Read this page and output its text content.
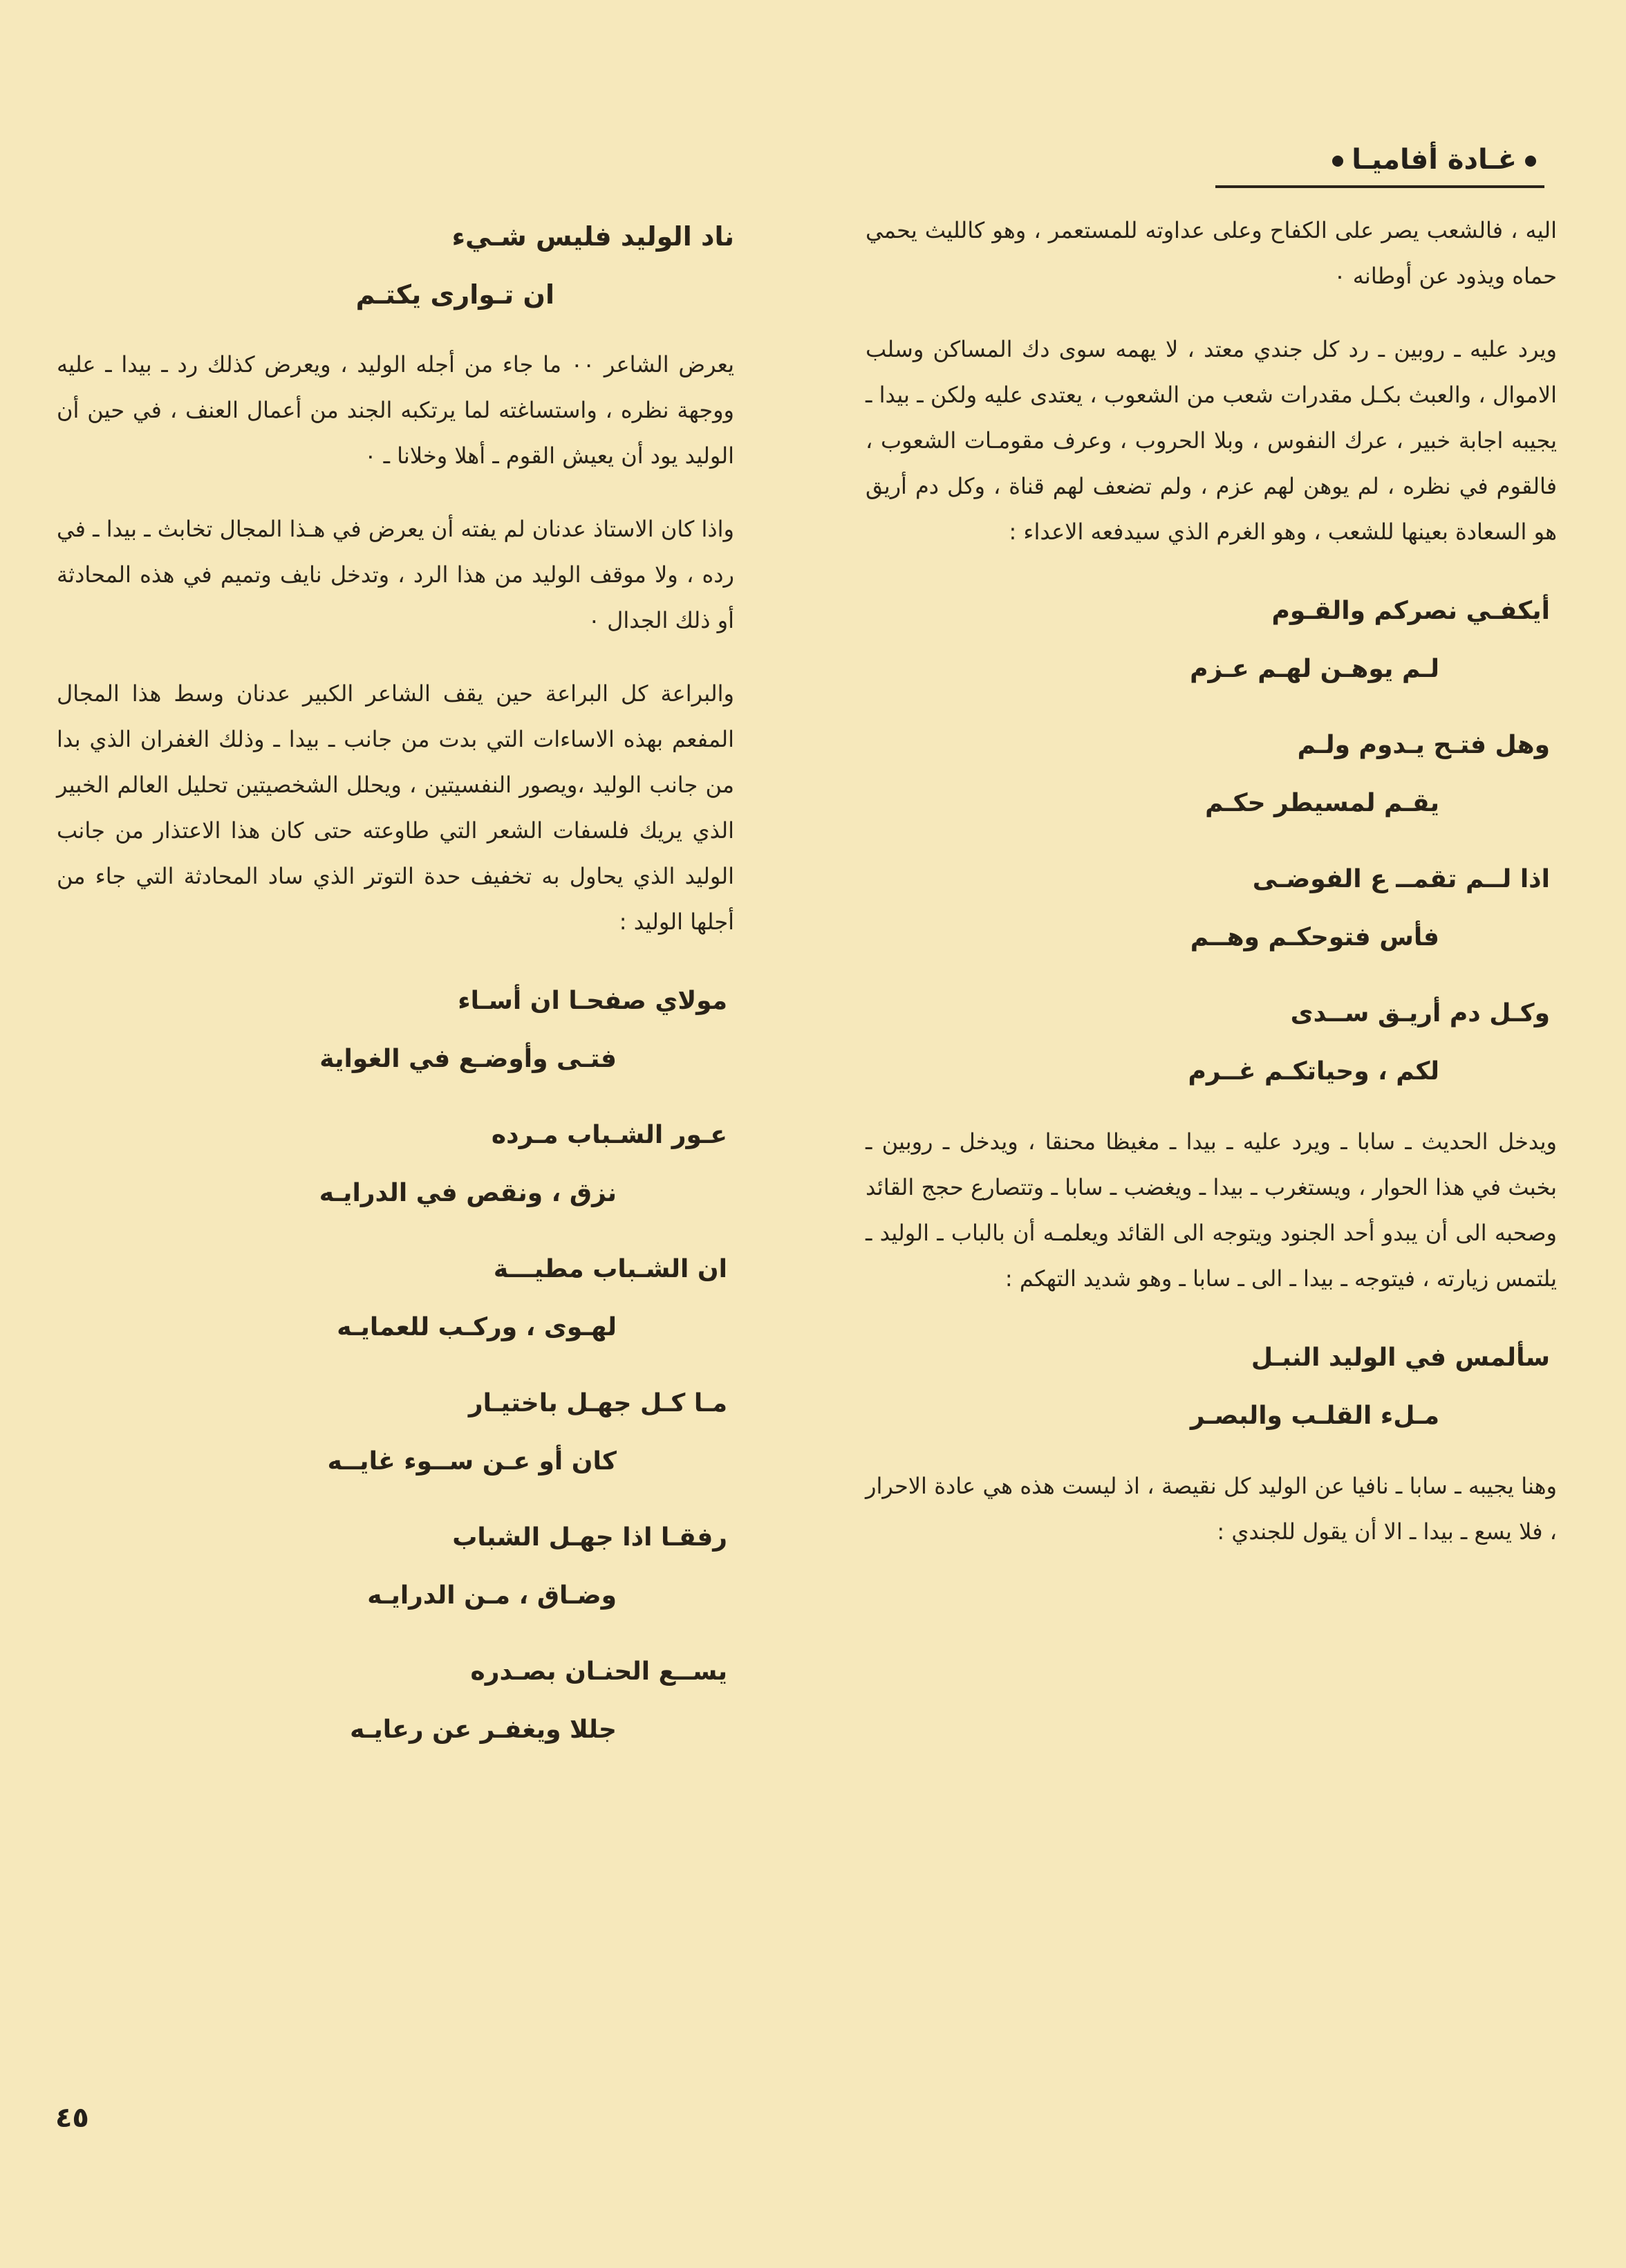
غـادة أفاميـا

اليه ، فالشعب يصر على الكفاح وعلى عداوته للمستعمر ، وهو كالليث يحمي حماه ويذود عن أوطانه ٠

ويرد عليه ـ روبين ـ رد كل جندي معتد ، لا يهمه سوى دك المساكن وسلب الاموال ، والعبث بكـل مقدرات شعب من الشعوب ، يعتدى عليه ولكن ـ بيدا ـ يجيبه اجابة خبير ، عرك النفوس ، وبلا الحروب ، وعرف مقومـات الشعوب ، فالقوم في نظره ، لم يوهن لهم عزم ، ولم تضعف لهم قناة ، وكل دم أريق هو السعادة بعينها للشعب ، وهو الغرم الذي سيدفعه الاعداء :

أيكفـي نصركم والقـوم

لـم يوهـن لهـم عـزم

وهل فتـح يـدوم ولـم

يقـم لمسيطر حكـم

اذا لــم تقمــ ع الفوضـى

فأس فتوحكـم وهــم

وكـل دم أريـق ســدى

لكم ، وحياتكـم غــرم

ويدخل الحديث ـ سابا ـ ويرد عليه ـ بيدا ـ مغيظا محنقا ، ويدخل ـ روبين ـ بخبث في هذا الحوار ، ويستغرب ـ بيدا ـ ويغضب ـ سابا ـ وتتصارع حجج القائد وصحبه الى أن يبدو أحد الجنود ويتوجه الى القائد ويعلمـه أن بالباب ـ الوليد ـ يلتمس زيارته ، فيتوجه ـ بيدا ـ الى ـ سابا ـ وهو شديد التهكم :

سألمس في الوليد النبـل

مـلء القلـب والبصـر

وهنا يجيبه ـ سابا ـ نافيا عن الوليد كل نقيصة ، اذ ليست هذه هي عادة الاحرار ، فلا يسع ـ بيدا ـ الا أن يقول للجندي :

ناد الوليد فليس شـيء

ان تـوارى يكتـم

يعرض الشاعر ٠٠ ما جاء من أجله الوليد ، ويعرض كذلك رد ـ بيدا ـ عليه ووجهة نظره ، واستساغته لما يرتكبه الجند من أعمال العنف ، في حين أن الوليد يود أن يعيش القوم ـ أهلا وخلانا ـ ٠

واذا كان الاستاذ عدنان لم يفته أن يعرض في هـذا المجال تخابث ـ بيدا ـ في رده ، ولا موقف الوليد من هذا الرد ، وتدخل نايف وتميم في هذه المحادثة أو ذلك الجدال ٠

والبراعة كل البراعة حين يقف الشاعر الكبير عدنان وسط هذا المجال المفعم بهذه الاساءات التي بدت من جانب ـ بيدا ـ وذلك الغفران الذي بدا من جانب الوليد ،ويصور النفسيتين ، ويحلل الشخصيتين تحليل العالم الخبير الذي يريك فلسفات الشعر التي طاوعته حتى كان هذا الاعتذار من جانب الوليد الذي يحاول به تخفيف حدة التوتر الذي ساد المحادثة التي جاء من أجلها الوليد :

مولاي صفحـا ان أسـاء

فتـى وأوضـع في الغواية

عـور الشـباب مـرده

نزق ، ونقص في الدرايـه

ان الشـباب مطيـــة

لهـوى ، وركـب للعمايـه

مـا كـل جهـل باختيـار

كان أو عـن ســوء غايــه

رفقـا اذا جهـل الشباب

وضـاق ، مـن الدرايـه

يســع الحنـان بصـدره

جللا ويغفـر عن رعايـه

٤٥
